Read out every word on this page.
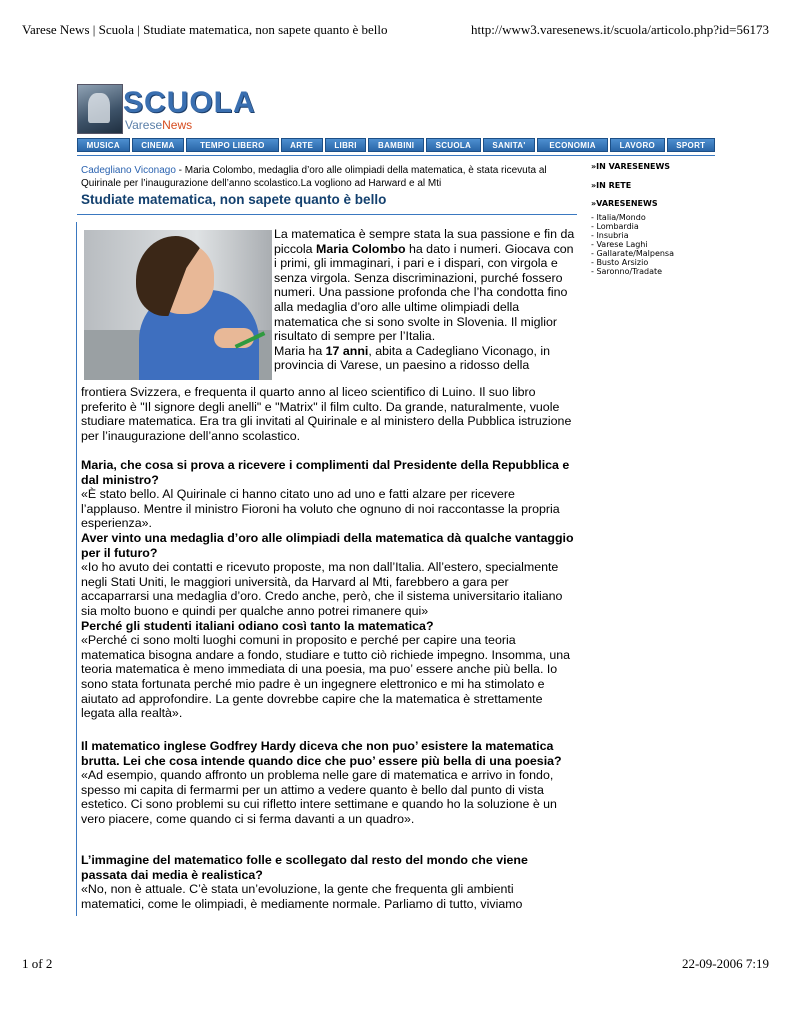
Varese News | Scuola | Studiate matematica, non sapete quanto è bello	http://www3.varesenews.it/scuola/articolo.php?id=56173
SCUOLA
VareseNews
MUSICA	CINEMA	TEMPO LIBERO	ARTE	LIBRI	BAMBINI	SCUOLA	SANITA'	ECONOMIA	LAVORO	SPORT
Cadegliano Viconago - Maria Colombo, medaglia d’oro alle olimpiadi della matematica, è stata ricevuta al Quirinale per l’inaugurazione dell’anno scolastico.La vogliono ad Harward e al Mti
Studiate matematica, non sapete quanto è bello
»IN VARESENEWS
»IN RETE
»VARESENEWS
- Italia/Mondo
- Lombardia
- Insubria
- Varese Laghi
- Gallarate/Malpensa
- Busto Arsizio
- Saronno/Tradate

La matematica è sempre stata la sua passione e fin da piccola Maria Colombo ha dato i numeri. Giocava con i primi, gli immaginari, i pari e i dispari, con virgola e senza virgola. Senza discriminazioni, purché fossero numeri. Una passione profonda che l’ha condotta fino alla medaglia d’oro alle ultime olimpiadi della matematica che si sono svolte in Slovenia. Il miglior risultato di sempre per l’Italia.

Maria ha 17 anni, abita a Cadegliano Viconago, in provincia di Varese, un paesino a ridosso della

frontiera Svizzera, e frequenta il quarto anno al liceo scientifico di Luino. Il suo libro preferito è "Il signore degli anelli" e "Matrix" il film culto. Da grande, naturalmente, vuole studiare matematica. Era tra gli invitati al Quirinale e al ministero della Pubblica istruzione per l’inaugurazione dell’anno scolastico.

Maria, che cosa si prova a ricevere i complimenti dal Presidente della Repubblica e dal ministro?

«È stato bello. Al Quirinale ci hanno citato uno ad uno e fatti alzare per ricevere l’applauso. Mentre il ministro Fioroni ha voluto che ognuno di noi raccontasse la propria esperienza».

Aver vinto una medaglia d’oro alle olimpiadi della matematica dà qualche vantaggio per il futuro?

«Io ho avuto dei contatti e ricevuto proposte, ma non dall’Italia. All’estero, specialmente negli Stati Uniti, le maggiori università, da Harvard al Mti, farebbero a gara per accaparrarsi una medaglia d’oro. Credo anche, però, che il sistema universitario italiano sia molto buono e quindi per qualche anno potrei rimanere qui»

Perché gli studenti italiani odiano così tanto la matematica?

«Perché ci sono molti luoghi comuni in proposito e perché per capire una teoria matematica bisogna andare a fondo, studiare e tutto ciò richiede impegno. Insomma, una teoria matematica è meno immediata di una poesia, ma puo’ essere anche più bella. Io sono stata fortunata perché mio padre è un ingegnere elettronico e mi ha stimolato e aiutato ad approfondire. La gente dovrebbe capire che la matematica è strettamente legata alla realtà».

Il matematico inglese Godfrey Hardy diceva che non puo’ esistere la matematica brutta. Lei che cosa intende quando dice che puo’ essere più bella di una poesia?

«Ad esempio, quando affronto un problema nelle gare di matematica e arrivo in fondo, spesso mi capita di fermarmi per un attimo a vedere quanto è bello dal punto di vista estetico. Ci sono problemi su cui rifletto intere settimane e quando ho la soluzione è un vero piacere, come quando ci si ferma davanti a un quadro».

L’immagine del matematico folle e scollegato dal resto del mondo che viene passata dai media è realistica?

«No, non è attuale. C’è stata un’evoluzione, la gente che frequenta gli ambienti matematici, come le olimpiadi, è mediamente normale. Parliamo di tutto, viviamo

1 of 2	22-09-2006 7:19
